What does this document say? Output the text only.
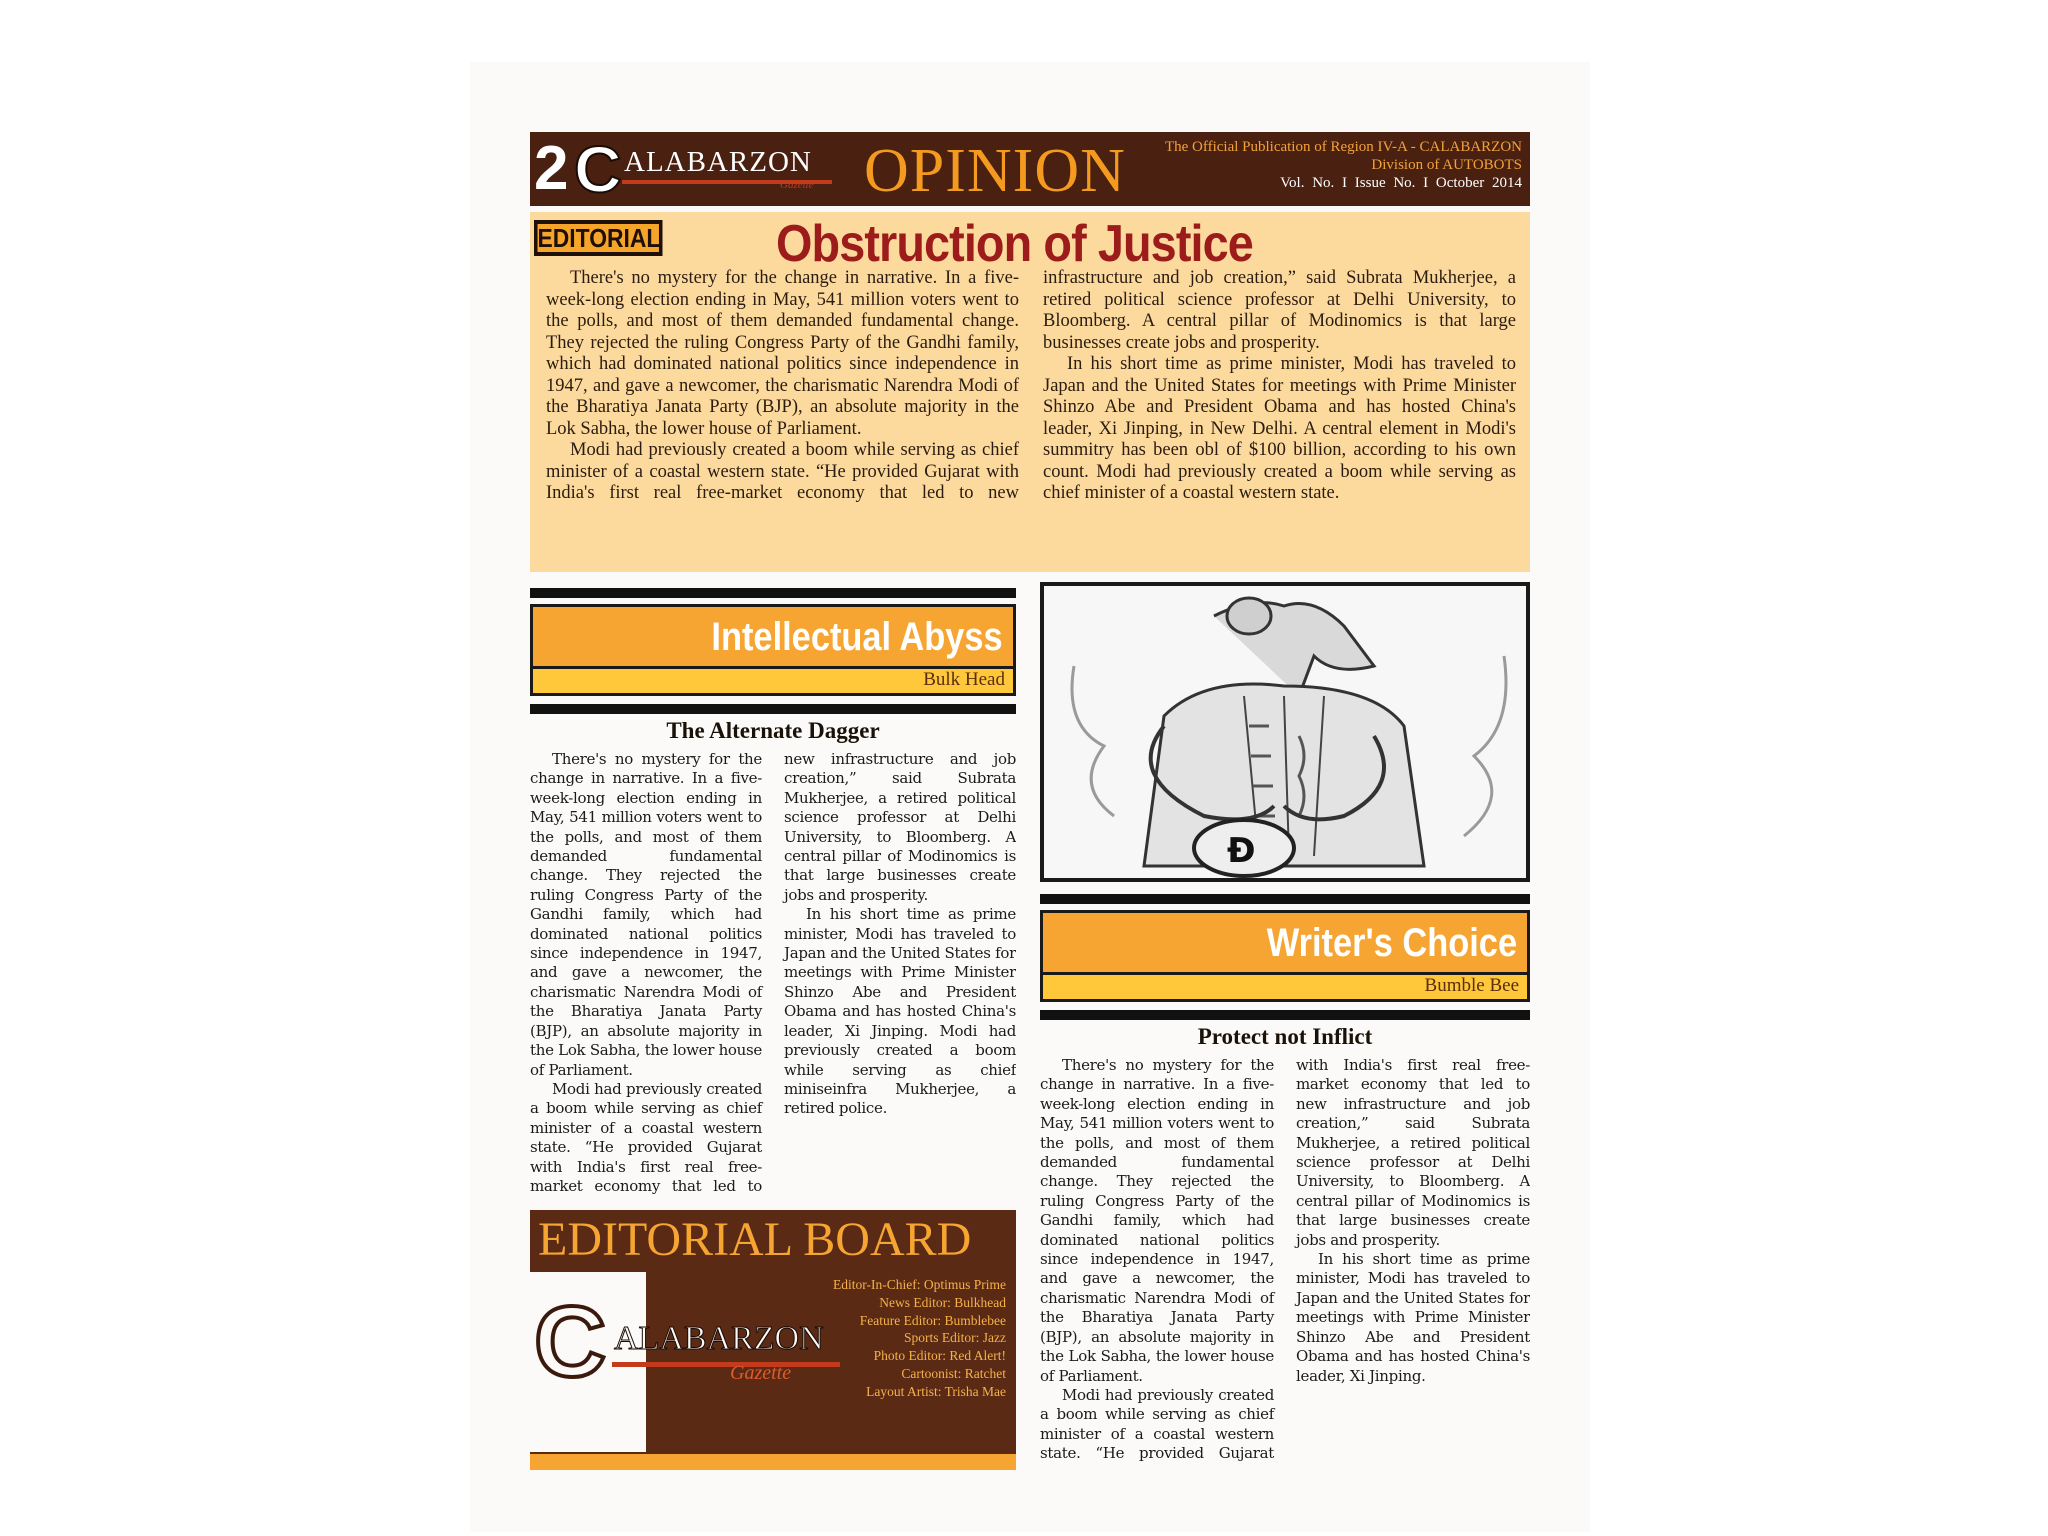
2 C ALABARZON
Gazette OPINION	The Official Publication of Region IV-A - CALABARZON
Division of AUTOBOTS
Vol. No. I Issue No. I October 2014
EDITORIAL Obstruction of Justice

There's no mystery for the change in narrative. In a five-week-long election ending in May, 541 million voters went to the polls, and most of them demanded fundamental change. They rejected the ruling Congress Party of the Gandhi family, which had dominated national politics since independence in 1947, and gave a newcomer, the charismatic Narendra Modi of the Bharatiya Janata Party (BJP), an absolute majority in the Lok Sabha, the lower house of Parliament.

Modi had previously created a boom while serving as chief minister of a coastal western state. “He provided Gujarat with India's first real free-market economy that led to new infrastructure and job creation,” said Subrata Mukherjee, a retired political science professor at Delhi University, to Bloomberg. A central pillar of Modinomics is that large businesses create jobs and prosperity.

In his short time as prime minister, Modi has traveled to Japan and the United States for meetings with Prime Minister Shinzo Abe and President Obama and has hosted China's leader, Xi Jinping, in New Delhi. A central element in Modi's summitry has been obl of $100 billion, according to his own count. Modi had previously created a boom while serving as chief minister of a coastal western state.

Intellectual Abyss
Bulk Head
The Alternate Dagger

There's no mystery for the change in narrative. In a five-week-long election ending in May, 541 million voters went to the polls, and most of them demanded fundamental change. They rejected the ruling Congress Party of the Gandhi family, which had dominated national politics since independence in 1947, and gave a newcomer, the charismatic Narendra Modi of the Bharatiya Janata Party (BJP), an absolute majority in the Lok Sabha, the lower house of Parliament.

Modi had previously created a boom while serving as chief minister of a coastal western state. “He provided Gujarat with India's first real free-market economy that led to new infrastructure and job creation,” said Subrata Mukherjee, a retired political science professor at Delhi University, to Bloomberg. A central pillar of Modinomics is that large businesses create jobs and prosperity.

In his short time as prime minister, Modi has traveled to Japan and the United States for meetings with Prime Minister Shinzo Abe and President Obama and has hosted China's leader, Xi Jinping. Modi had previously created a boom while serving as chief miniseinfra Mukherjee, a retired police.

Đ
Writer's Choice
Bumble Bee
Protect not Inflict

There's no mystery for the change in narrative. In a five-week-long election ending in May, 541 million voters went to the polls, and most of them demanded fundamental change. They rejected the ruling Congress Party of the Gandhi family, which had dominated national politics since independence in 1947, and gave a newcomer, the charismatic Narendra Modi of the Bharatiya Janata Party (BJP), an absolute majority in the Lok Sabha, the lower house of Parliament.

Modi had previously created a boom while serving as chief minister of a coastal western state. “He provided Gujarat with India's first real free-market economy that led to new infrastructure and job creation,” said Subrata Mukherjee, a retired political science professor at Delhi University, to Bloomberg. A central pillar of Modinomics is that large businesses create jobs and prosperity.

In his short time as prime minister, Modi has traveled to Japan and the United States for meetings with Prime Minister Shinzo Abe and President Obama and has hosted China's leader, Xi Jinping.

EDITORIAL BOARD
C ALABARZON
Gazette
Editor-In-Chief: Optimus Prime
News Editor: Bulkhead
Feature Editor: Bumblebee
Sports Editor: Jazz
Photo Editor: Red Alert!
Cartoonist: Ratchet
Layout Artist: Trisha Mae
